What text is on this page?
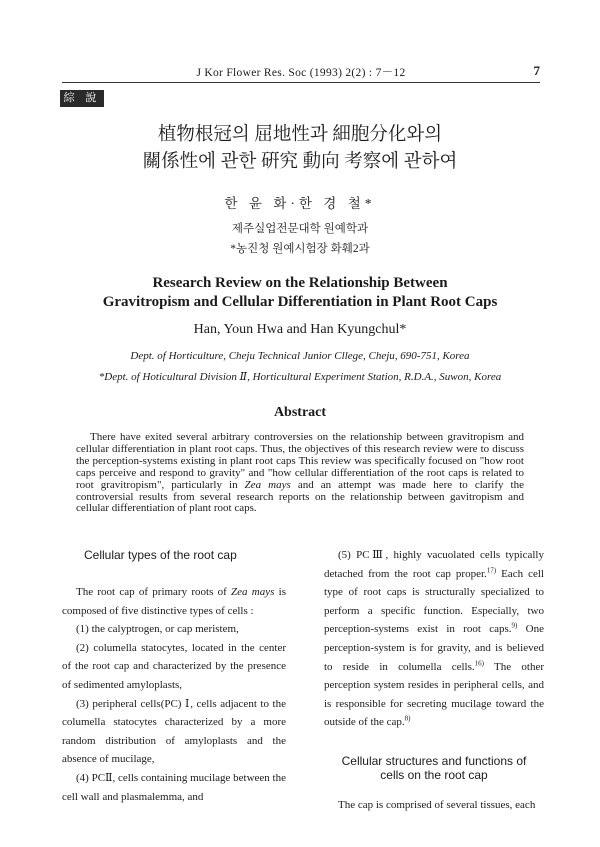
J Kor Flower Res. Soc (1993) 2(2) : 7－12	7
綜 說
植物根冠의 屈地性과 細胞分化와의
關係性에 관한 硏究 動向 考察에 관하여
한 윤 화·한 경 철*
제주실업전문대학 원예학과
*농진청 원예시험장 화훼2과
Research Review on the Relationship Between
Gravitropism and Cellular Differentiation in Plant Root Caps
Han, Youn Hwa and Han Kyungchul*
Dept. of Horticulture, Cheju Technical Junior Cllege, Cheju, 690-751, Korea
*Dept. of Hoticultural Division Ⅱ, Horticultural Experiment Station, R.D.A., Suwon, Korea
Abstract
There have exited several arbitrary controversies on the relationship between gravitropism and cellular differentiation in plant root caps. Thus, the objectives of this research review were to discuss the perception-systems existing in plant root caps This review was specifically focused on "how root caps perceive and respond to gravity" and "how cellular differentiation of the root caps is related to root gravitropism", particularly in Zea mays and an attempt was made here to clarify the controversial results from several research reports on the relationship between gavitropism and cellular differentiation of plant root caps.

Cellular types of the root cap

The root cap of primary roots of Zea mays is composed of five distinctive types of cells :

(1) the calyptrogen, or cap meristem,

(2) columella statocytes, located in the center of the root cap and characterized by the presence of sedimented amyloplasts,

(3) peripheral cells(PC) Ⅰ, cells adjacent to the columella statocytes characterized by a more random distribution of amyloplasts and the absence of mucilage,

(4) PCⅡ, cells containing mucilage between the cell wall and plasmalemma, and

(5) PCⅢ, highly vacuolated cells typically detached from the root cap proper.$^{17)}$ Each cell type of root caps is structurally specialized to perform a specific function. Especially, two perception-systems exist in root caps.$^{9)}$ One perception-system is for gravity, and is believed to reside in columella cells.$^{16)}$ The other perception system resides in peripheral cells, and is responsible for secreting mucilage toward the outside of the cap.$^{8)}$

Cellular structures and functions of

cells on the root cap

The cap is comprised of several tissues, each
